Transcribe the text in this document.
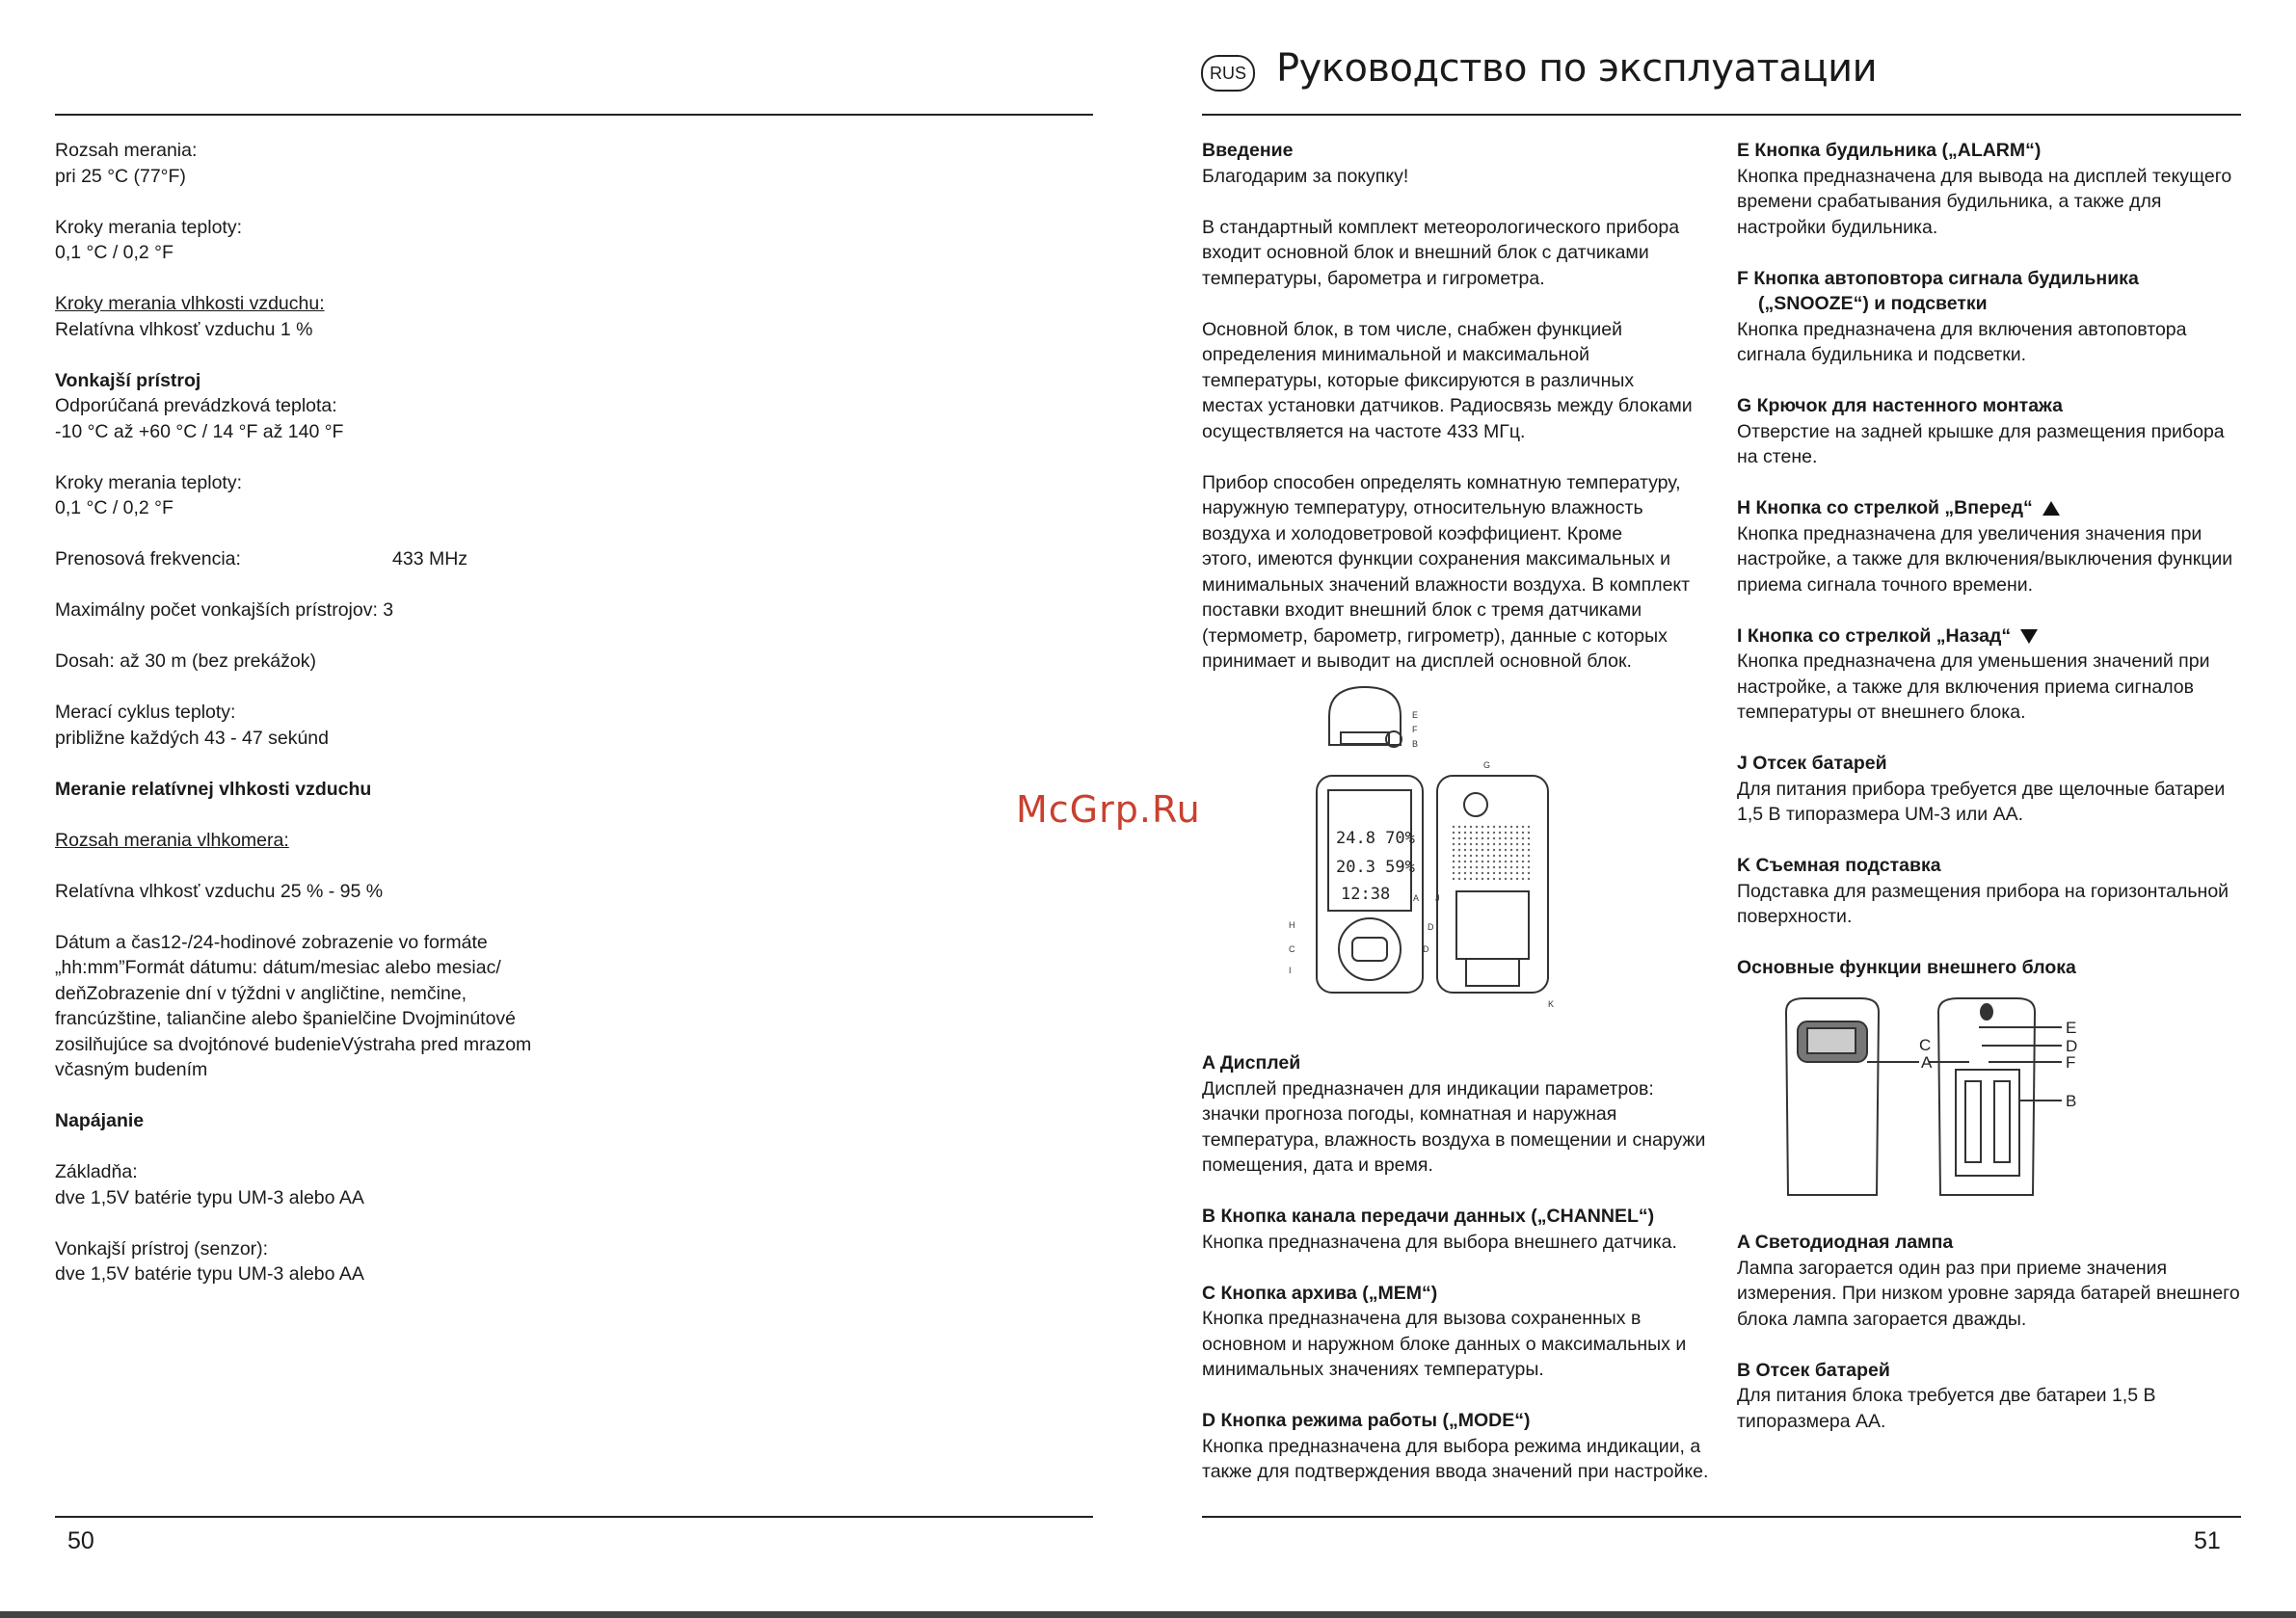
Rozsah merania:

pri 25 °C (77°F)

Kroky merania teploty:

0,1 °C / 0,2 °F

Kroky merania vlhkosti vzduchu:

Relatívna vlhkosť vzduchu 1 %

Vonkajší prístroj

Odporúčaná prevádzková teplota:

-10 °C až +60 °C / 14 °F až 140 °F

Kroky merania teploty:

0,1 °C / 0,2 °F

Prenosová frekvencia:	433 MHz

Maximálny počet vonkajších prístrojov: 3

Dosah: až 30 m (bez prekážok)

Merací cyklus teploty:

približne každých 43 - 47 sekúnd

Meranie relatívnej vlhkosti vzduchu

Rozsah merania vlhkomera:

Relatívna vlhkosť vzduchu 25 % - 95 %

Dátum a čas12-/24-hodinové zobrazenie vo formáte

„hh:mm”Formát dátumu: dátum/mesiac alebo mesiac/

deňZobrazenie dní v týždni v angličtine, nemčine,

francúzštine, taliančine alebo španielčine Dvojminútové

zosilňujúce sa dvojtónové budenieVýstraha pred mrazom

včasným budením

Napájanie

Základňa:

dve 1,5V batérie typu UM-3 alebo AA

Vonkajší prístroj (senzor):

dve 1,5V batérie typu UM-3 alebo AA

50
RUS Руководство по эксплуатации

Введение

Благодарим за покупку!

В стандартный комплект метеорологического прибора

входит основной блок и внешний блок с датчиками

температуры, барометра и гигрометра.

Основной блок, в том числе, снабжен функцией

определения минимальной и максимальной

температуры, которые фиксируются в различных

местах установки датчиков. Радиосвязь между блоками

осуществляется на частоте 433 МГц.

Прибор способен определять комнатную температуру,

наружную температуру, относительную влажность

воздуха и холодоветровой коэффициент. Кроме

этого, имеются функции сохранения максимальных и

минимальных значений влажности воздуха. В комплект

поставки входит внешний блок с тремя датчиками

(термометр, барометр, гигрометр), данные с которых

принимает и выводит на дисплей основной блок.

24.8 70%
20.3 59%
12:38
E
F
B
H
C
I
A
D
G
J
D
K

A Дисплей

Дисплей предназначен для индикации параметров:

значки прогноза погоды, комнатная и наружная

температура, влажность воздуха в помещении и снаружи

помещения, дата и время.

B Кнопка канала передачи данных („CHANNEL“)

Кнопка предназначена для выбора внешнего датчика.

C Кнопка архива („MEM“)

Кнопка предназначена для вызова сохраненных в

основном и наружном блоке данных о максимальных и

минимальных значениях температуры.

D Кнопка режима работы („MODE“)

Кнопка предназначена для выбора режима индикации, а

также для подтверждения ввода значений при настройке.

E Кнопка будильника („ALARM“)

Кнопка предназначена для вывода на дисплей текущего

времени срабатывания будильника, а также для

настройки будильника.

F Кнопка автоповтора сигнала будильника

(„SNOOZE“) и подсветки

Кнопка предназначена для включения автоповтора

сигнала будильника и подсветки.

G Крючок для настенного монтажа

Отверстие на задней крышке для размещения прибора

на стене.

H Кнопка со стрелкой „Вперед“

Кнопка предназначена для увеличения значения при

настройке, а также для включения/выключения функции

приема сигнала точного времени.

I Кнопка со стрелкой „Назад“

Кнопка предназначена для уменьшения значений при

настройке, а также для включения приема сигналов

температуры от внешнего блока.

J Отсек батарей

Для питания прибора требуется две щелочные батареи

1,5 В типоразмера UM-3 или AA.

K Съемная подставка

Подставка для размещения прибора на горизонтальной

поверхности.

Основные функции внешнего блока

A
C
E
D
F
B

A Светодиодная лампа

Лампа загорается один раз при приеме значения

измерения. При низком уровне заряда батарей внешнего

блока лампа загорается дважды.

B Отсек батарей

Для питания блока требуется две батареи 1,5 В

типоразмера AA.

51
McGrp.Ru
